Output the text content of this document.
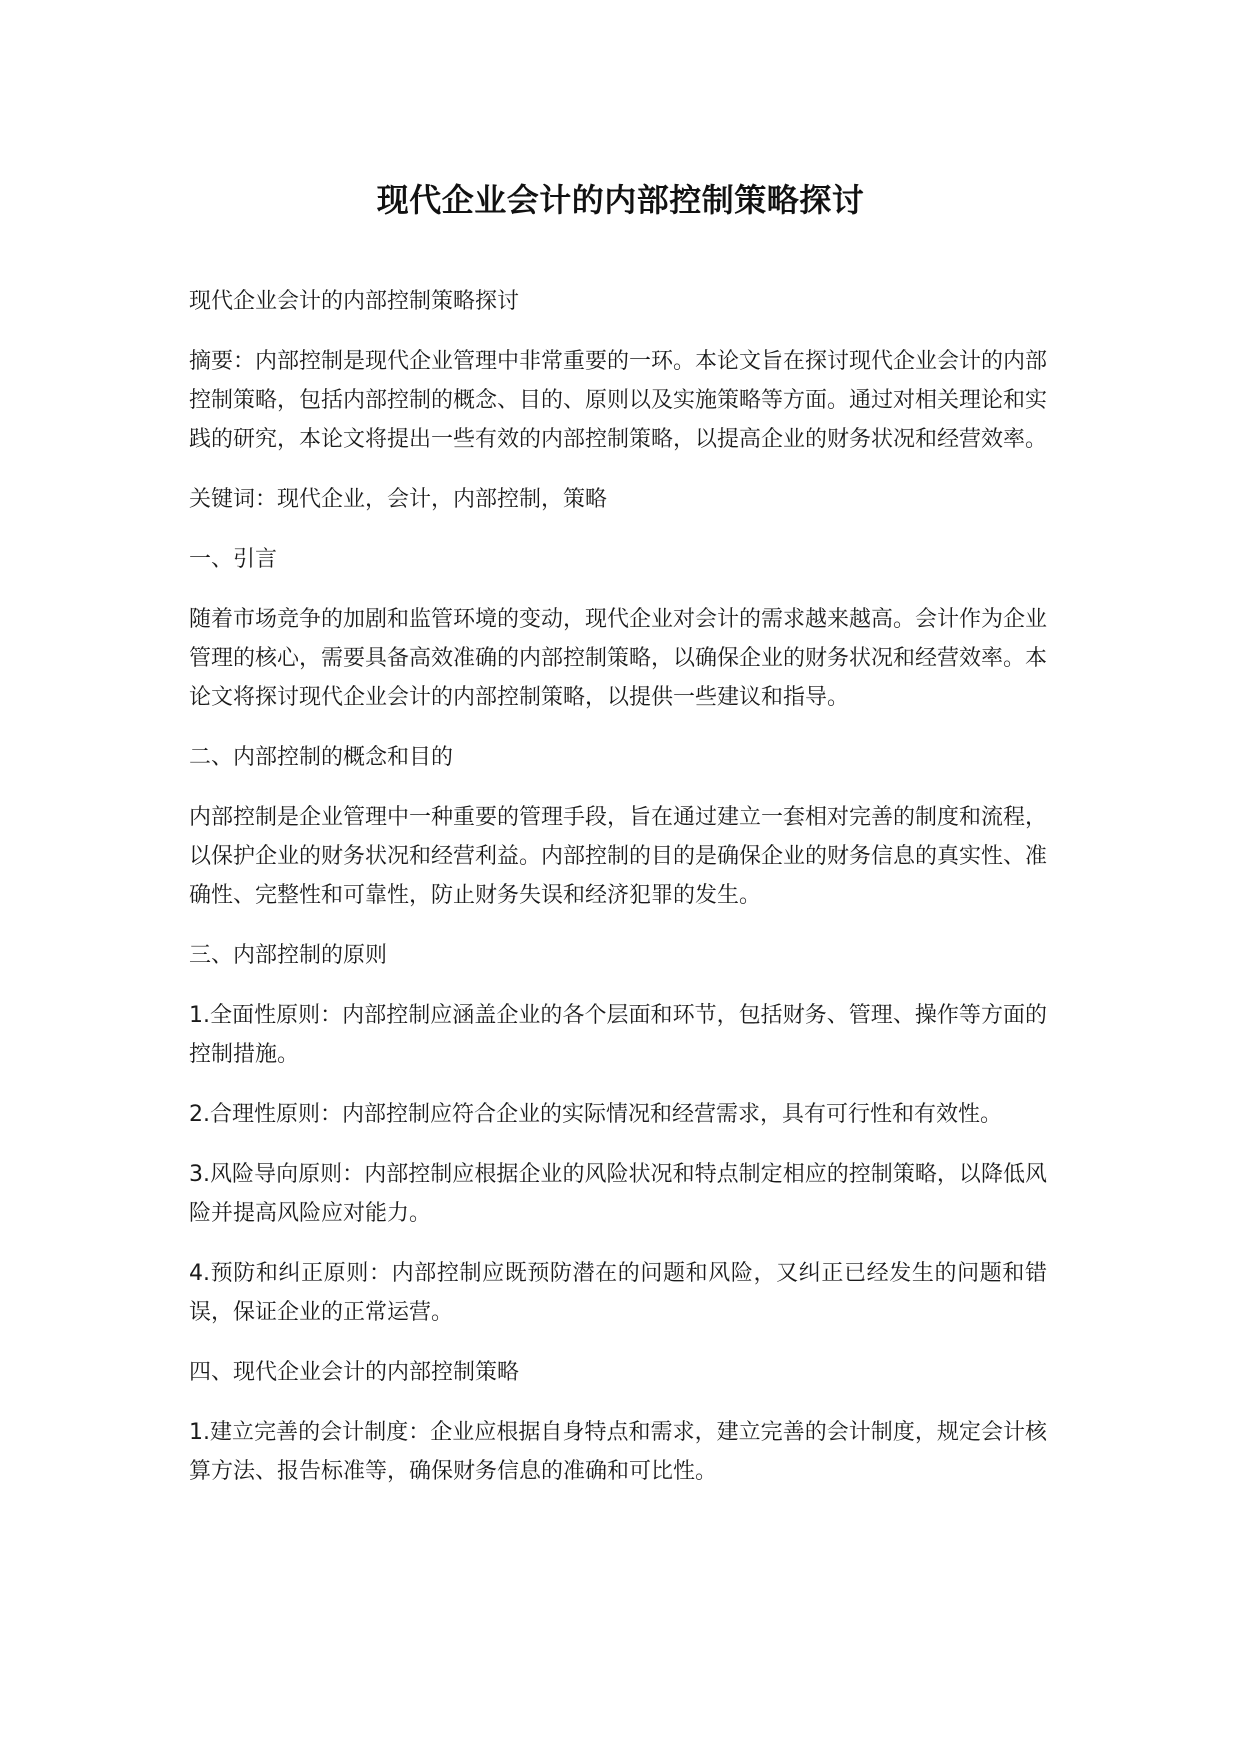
现代企业会计的内部控制策略探讨

现代企业会计的内部控制策略探讨

摘要：内部控制是现代企业管理中非常重要的一环。本论文旨在探讨现代企业会计的内部控制策略，包括内部控制的概念、目的、原则以及实施策略等方面。通过对相关理论和实践的研究，本论文将提出一些有效的内部控制策略，以提高企业的财务状况和经营效率。

关键词：现代企业，会计，内部控制，策略

一、引言

随着市场竞争的加剧和监管环境的变动，现代企业对会计的需求越来越高。会计作为企业管理的核心，需要具备高效准确的内部控制策略，以确保企业的财务状况和经营效率。本论文将探讨现代企业会计的内部控制策略，以提供一些建议和指导。

二、内部控制的概念和目的

内部控制是企业管理中一种重要的管理手段，旨在通过建立一套相对完善的制度和流程，以保护企业的财务状况和经营利益。内部控制的目的是确保企业的财务信息的真实性、准确性、完整性和可靠性，防止财务失误和经济犯罪的发生。

三、内部控制的原则

1.全面性原则：内部控制应涵盖企业的各个层面和环节，包括财务、管理、操作等方面的控制措施。

2.合理性原则：内部控制应符合企业的实际情况和经营需求，具有可行性和有效性。

3.风险导向原则：内部控制应根据企业的风险状况和特点制定相应的控制策略，以降低风险并提高风险应对能力。

4.预防和纠正原则：内部控制应既预防潜在的问题和风险，又纠正已经发生的问题和错误，保证企业的正常运营。

四、现代企业会计的内部控制策略

1.建立完善的会计制度：企业应根据自身特点和需求，建立完善的会计制度，规定会计核算方法、报告标准等，确保财务信息的准确和可比性。
